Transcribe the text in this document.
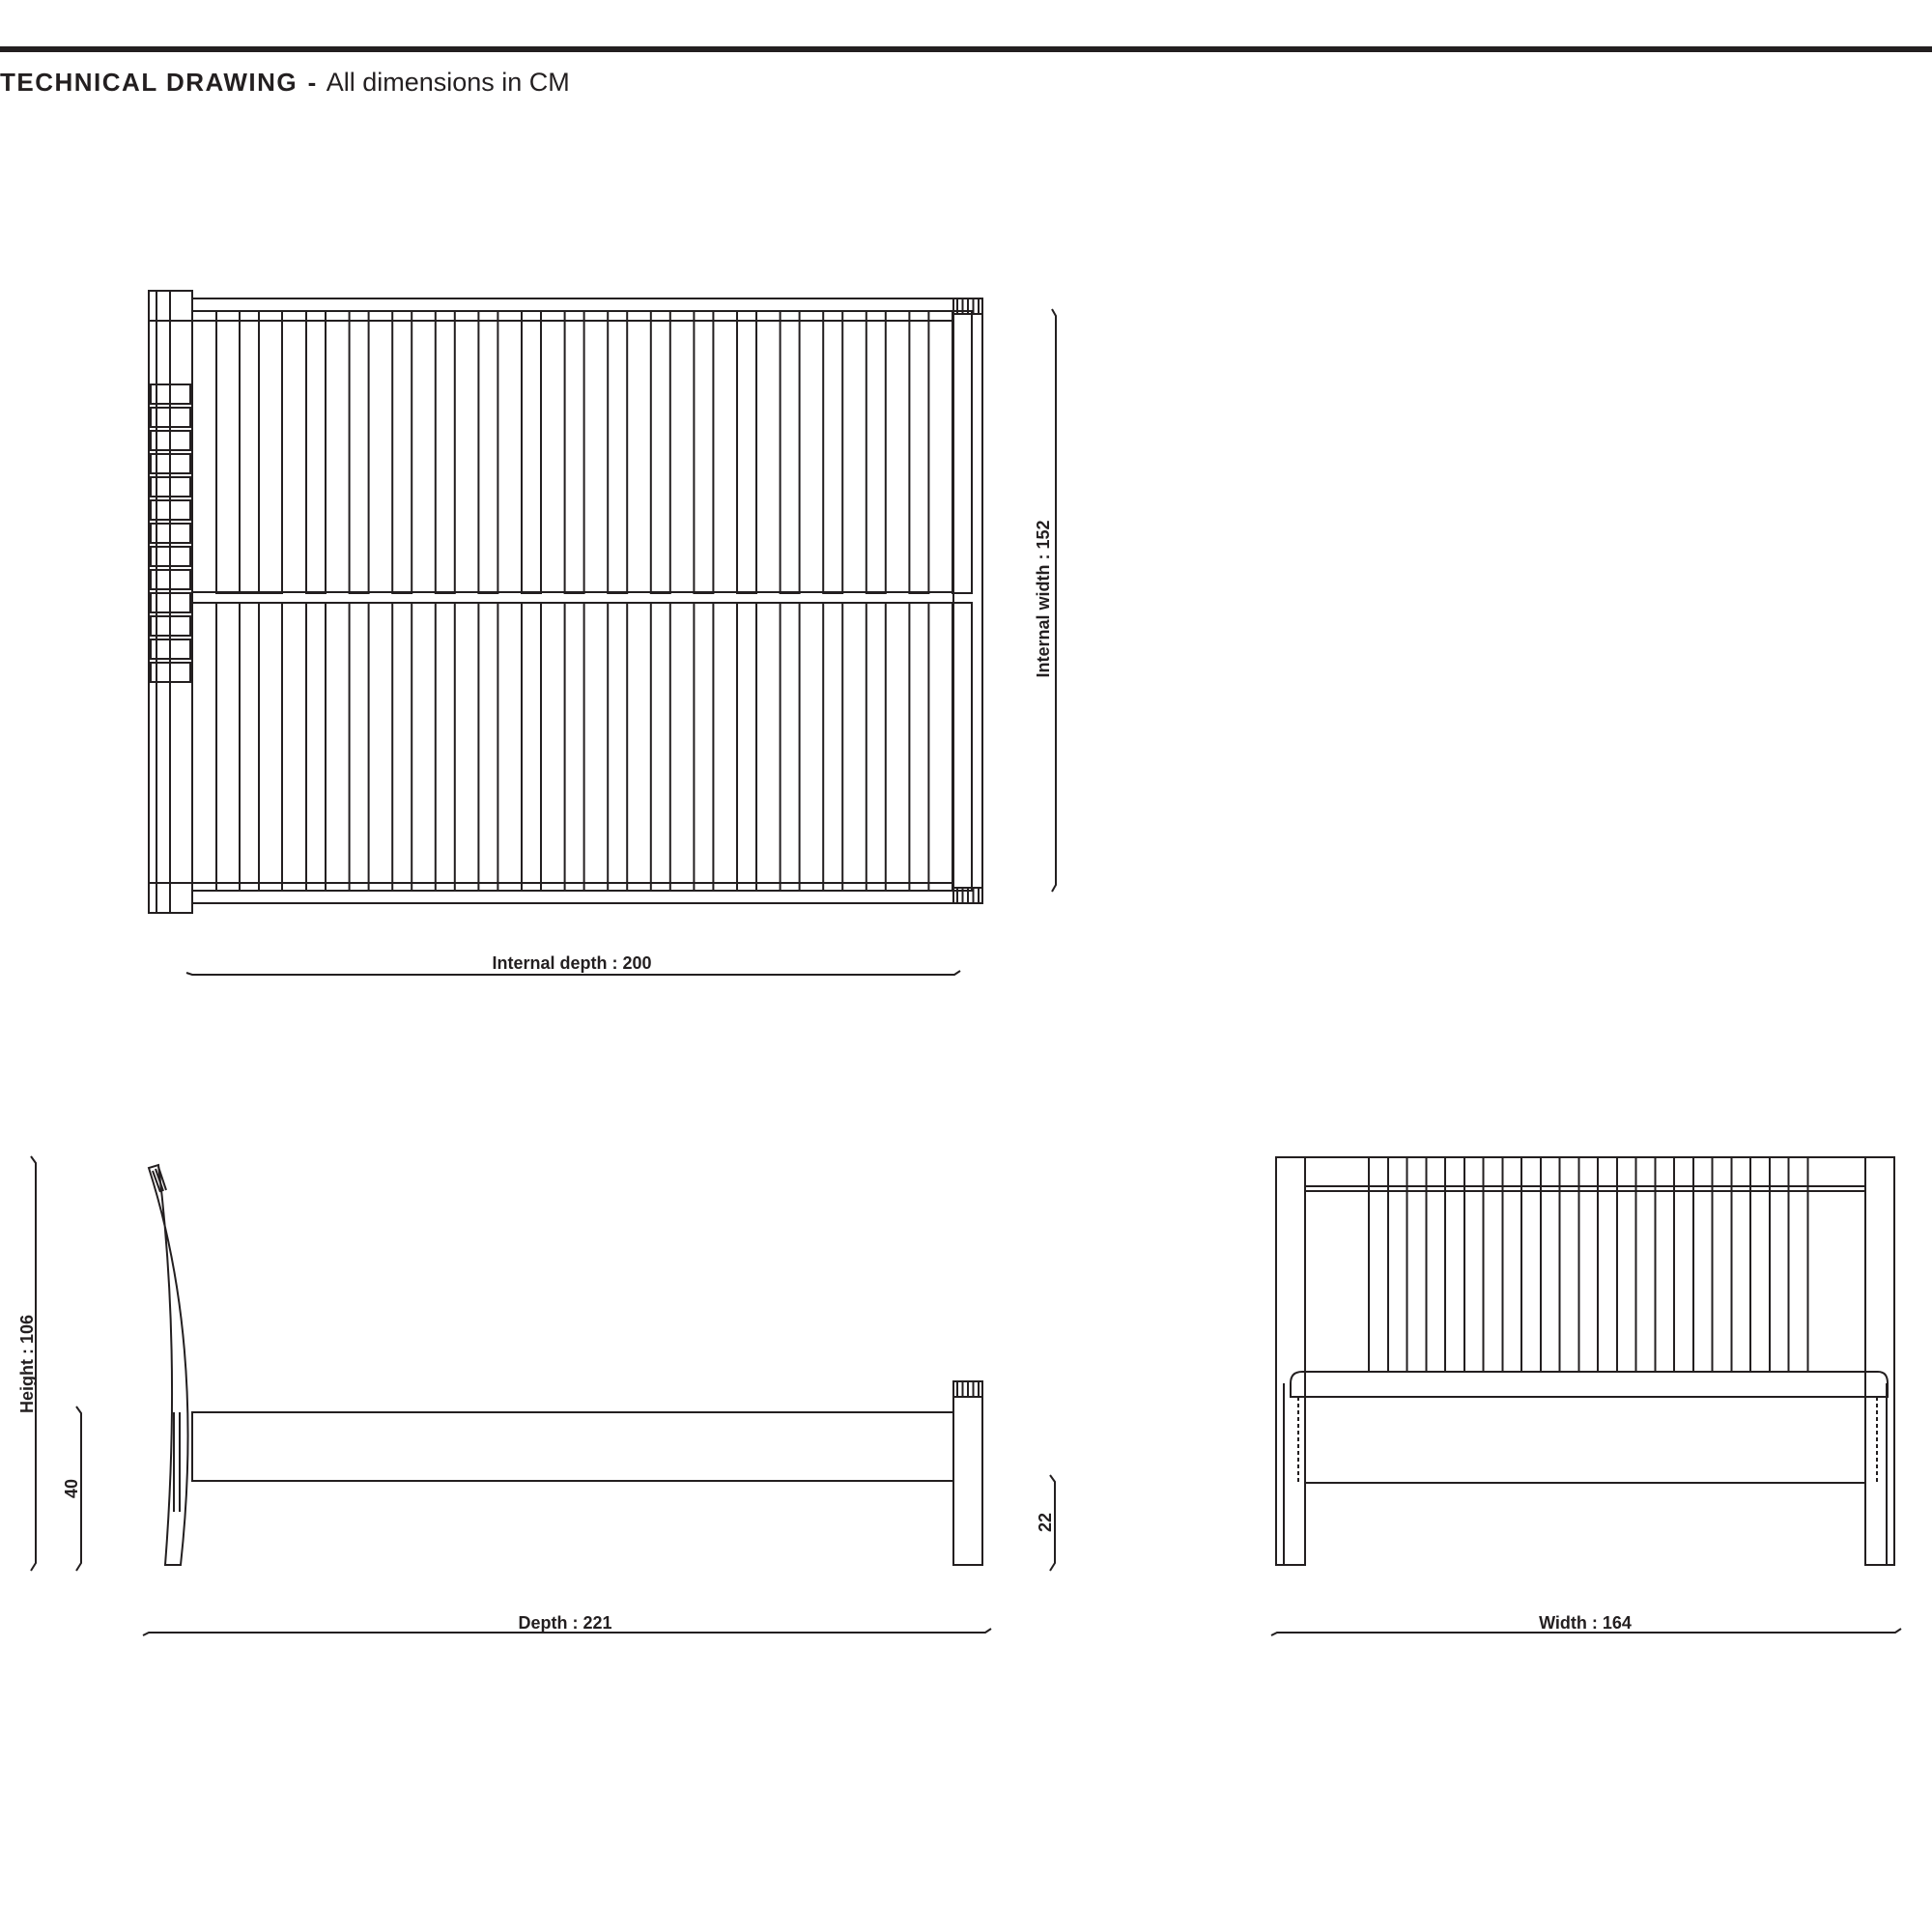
TECHNICAL DRAWING - All dimensions in CM
Internal width : 152
Internal depth : 200
Height : 106
40
22
Depth : 221	Width : 164
